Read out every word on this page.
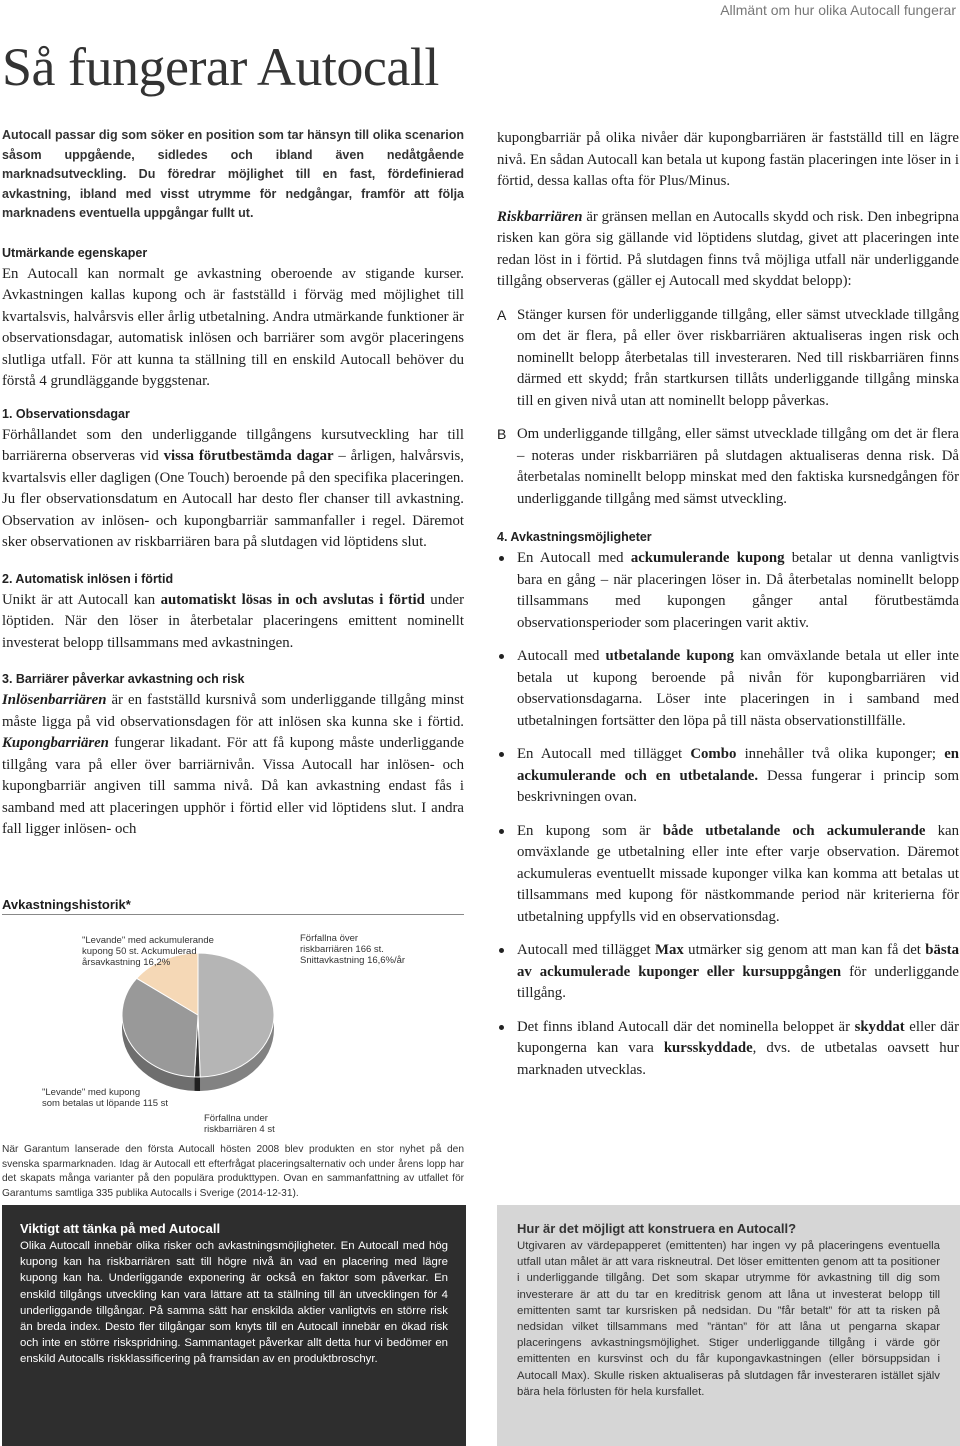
Allmänt om hur olika Autocall fungerar
Så fungerar Autocall

Autocall passar dig som söker en position som tar hänsyn till olika scenarion såsom uppgående, sidledes och ibland även nedåtgående marknadsutveckling. Du föredrar möjlighet till en fast, fördefinierad avkastning, ibland med visst utrymme för nedgångar, framför att följa marknadens eventuella uppgångar fullt ut.

Utmärkande egenskaper

En Autocall kan normalt ge avkastning oberoende av stigande kurser. Avkastningen kallas kupong och är fastställd i förväg med möjlighet till kvartalsvis, halvårsvis eller årlig utbetalning. Andra utmärkande funktioner är observationsdagar, automatisk inlösen och barriärer som avgör placeringens slutliga utfall. För att kunna ta ställning till en enskild Autocall behöver du förstå 4 grundläggande byggstenar.

1. Observationsdagar

Förhållandet som den underliggande tillgångens kursutveckling har till barriärerna observeras vid vissa förutbestämda dagar – årligen, halvårsvis, kvartalsvis eller dagligen (One Touch) beroende på den specifika placeringen. Ju fler observationsdatum en Autocall har desto fler chanser till avkastning. Observation av inlösen- och kupongbarriär sammanfaller i regel. Däremot sker observationen av riskbarriären bara på slutdagen vid löptidens slut.

2. Automatisk inlösen i förtid

Unikt är att Autocall kan automatiskt lösas in och avslutas i förtid under löptiden. När den löser in återbetalar placeringens emittent nominellt investerat belopp tillsammans med avkastningen.

3. Barriärer påverkar avkastning och risk

Inlösenbarriären är en fastställd kursnivå som underliggande tillgång minst måste ligga på vid observationsdagen för att inlösen ska kunna ske i förtid. Kupongbarriären fungerar likadant. För att få kupong måste underliggande tillgång vara på eller över barriärnivån. Vissa Autocall har inlösen- och kupongbarriär angiven till samma nivå. Då kan avkastning endast fås i samband med att placeringen upphör i förtid eller vid löptidens slut. I andra fall ligger inlösen- och

Avkastningshistorik*

Förfallna över
riskbarriären 166 st.
Snittavkastning 16,6%/år
Förfallna under
riskbarriären 4 st
"Levande" med kupong
som betalas ut löpande 115 st
"Levande" med ackumulerande
kupong 50 st. Ackumulerad
årsavkastning 16,2%

När Garantum lanserade den första Autocall hösten 2008 blev produkten en stor nyhet på den svenska sparmarknaden. Idag är Autocall ett efterfrågat placeringsalternativ och under årens lopp har det skapats många varianter på den populära produkttypen. Ovan en sammanfattning av utfallet för Garantums samtliga 335 publika Autocalls i Sverige (2014-12-31).

kupongbarriär på olika nivåer där kupongbarriären är fastställd till en lägre nivå. En sådan Autocall kan betala ut kupong fastän placeringen inte löser in i förtid, dessa kallas ofta för Plus/Minus.

Riskbarriären är gränsen mellan en Autocalls skydd och risk. Den inbegripna risken kan göra sig gällande vid löptidens slutdag, givet att placeringen inte redan löst in i förtid. På slutdagen finns två möjliga utfall när underliggande tillgång observeras (gäller ej Autocall med skyddat belopp):

A Stänger kursen för underliggande tillgång, eller sämst utvecklade tillgång om det är flera, på eller över riskbarriären aktualiseras ingen risk och nominellt belopp återbetalas till investeraren. Ned till riskbarriären finns därmed ett skydd; från startkursen tillåts underliggande tillgång minska till en given nivå utan att nominellt belopp påverkas.
B Om underliggande tillgång, eller sämst utvecklade tillgång om det är flera – noteras under riskbarriären på slutdagen aktualiseras denna risk. Då återbetalas nominellt belopp minskat med den faktiska kursnedgången för underliggande tillgång med sämst utveckling.
4. Avkastningsmöjligheter
En Autocall med ackumulerande kupong betalar ut denna vanligtvis bara en gång – när placeringen löser in. Då återbetalas nominellt belopp tillsammans med kupongen gånger antal förutbestämda observationsperioder som placeringen varit aktiv.
Autocall med utbetalande kupong kan omväxlande betala ut eller inte betala ut kupong beroende på nivån för kupongbarriären vid observationsdagarna. Löser inte placeringen in i samband med utbetalningen fortsätter den löpa på till nästa observationstillfälle.
En Autocall med tillägget Combo innehåller två olika kuponger; en ackumulerande och en utbetalande. Dessa fungerar i princip som beskrivningen ovan.
En kupong som är både utbetalande och ackumulerande kan omväxlande ge utbetalning eller inte efter varje observation. Däremot ackumuleras eventuellt missade kuponger vilka kan komma att betalas ut tillsammans med kupong för nästkommande period när kriterierna för utbetalning uppfylls vid en observationsdag.
Autocall med tillägget Max utmärker sig genom att man kan få det bästa av ackumulerade kuponger eller kursuppgången för underliggande tillgång.
Det finns ibland Autocall där det nominella beloppet är skyddat eller där kupongerna kan vara kursskyddade, dvs. de utbetalas oavsett hur marknaden utvecklas.

Viktigt att tänka på med Autocall

Olika Autocall innebär olika risker och avkastningsmöjligheter. En Autocall med hög kupong kan ha riskbarriären satt till högre nivå än vad en placering med lägre kupong kan ha. Underliggande exponering är också en faktor som påverkar. En enskild tillgångs utveckling kan vara lättare att ta ställning till än utvecklingen för 4 underliggande tillgångar. På samma sätt har enskilda aktier vanligtvis en större risk än breda index. Desto fler tillgångar som knyts till en Autocall innebär en ökad risk och inte en större riskspridning. Sammantaget påverkar allt detta hur vi bedömer en enskild Autocalls riskklassificering på framsidan av en produktbroschyr.

Hur är det möjligt att konstruera en Autocall?

Utgivaren av värdepapperet (emittenten) har ingen vy på placeringens eventuella utfall utan målet är att vara riskneutral. Det löser emittenten genom att ta positioner i underliggande tillgång. Det som skapar utrymme för avkastning till dig som investerare är att du tar en kreditrisk genom att låna ut investerat belopp till emittenten samt tar kursrisken på nedsidan. Du ”får betalt” för att ta risken på nedsidan vilket tillsammans med ”räntan” för att låna ut pengarna skapar placeringens avkastningsmöjlighet. Stiger underliggande tillgång i värde gör emittenten en kursvinst och du får kupongavkastningen (eller börsuppsidan i Autocall Max). Skulle risken aktualiseras på slutdagen får investeraren istället själv bära hela förlusten för hela kursfallet.
